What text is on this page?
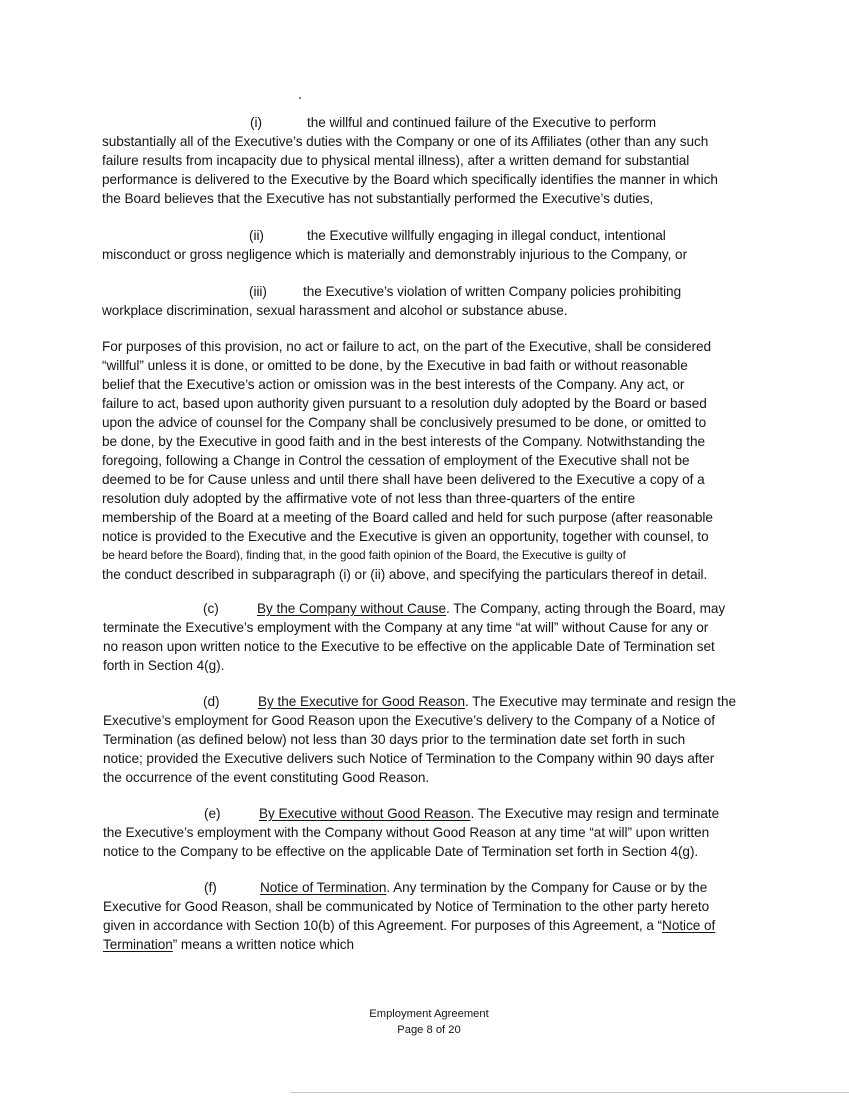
(i)	the willful and continued failure of the Executive to perform
substantially all of the Executive’s duties with the Company or one of its Affiliates (other than any such
failure results from incapacity due to physical mental illness), after a written demand for substantial
performance is delivered to the Executive by the Board which specifically identifies the manner in which
the Board believes that the Executive has not substantially performed the Executive’s duties,
(ii)	the Executive willfully engaging in illegal conduct, intentional
misconduct or gross negligence which is materially and demonstrably injurious to the Company, or
(iii)	the Executive’s violation of written Company policies prohibiting
workplace discrimination, sexual harassment and alcohol or substance abuse.
For purposes of this provision, no act or failure to act, on the part of the Executive, shall be considered
“willful” unless it is done, or omitted to be done, by the Executive in bad faith or without reasonable
belief that the Executive’s action or omission was in the best interests of the Company. Any act, or
failure to act, based upon authority given pursuant to a resolution duly adopted by the Board or based
upon the advice of counsel for the Company shall be conclusively presumed to be done, or omitted to
be done, by the Executive in good faith and in the best interests of the Company. Notwithstanding the
foregoing, following a Change in Control the cessation of employment of the Executive shall not be
deemed to be for Cause unless and until there shall have been delivered to the Executive a copy of a
resolution duly adopted by the affirmative vote of not less than three-quarters of the entire
membership of the Board at a meeting of the Board called and held for such purpose (after reasonable
notice is provided to the Executive and the Executive is given an opportunity, together with counsel, to
be heard before the Board), finding that, in the good faith opinion of the Board, the Executive is guilty of
the conduct described in subparagraph (i) or (ii) above, and specifying the particulars thereof in detail.
(c)	By the Company without Cause. The Company, acting through the Board, may
terminate the Executive’s employment with the Company at any time “at will” without Cause for any or
no reason upon written notice to the Executive to be effective on the applicable Date of Termination set
forth in Section 4(g).
(d)	By the Executive for Good Reason. The Executive may terminate and resign the
Executive’s employment for Good Reason upon the Executive’s delivery to the Company of a Notice of
Termination (as defined below) not less than 30 days prior to the termination date set forth in such
notice; provided the Executive delivers such Notice of Termination to the Company within 90 days after
the occurrence of the event constituting Good Reason.
(e)	By Executive without Good Reason. The Executive may resign and terminate
the Executive’s employment with the Company without Good Reason at any time “at will” upon written
notice to the Company to be effective on the applicable Date of Termination set forth in Section 4(g).
(f)	Notice of Termination. Any termination by the Company for Cause or by the
Executive for Good Reason, shall be communicated by Notice of Termination to the other party hereto
given in accordance with Section 10(b) of this Agreement. For purposes of this Agreement, a “Notice of
Termination” means a written notice which
Employment Agreement
Page 8 of 20
